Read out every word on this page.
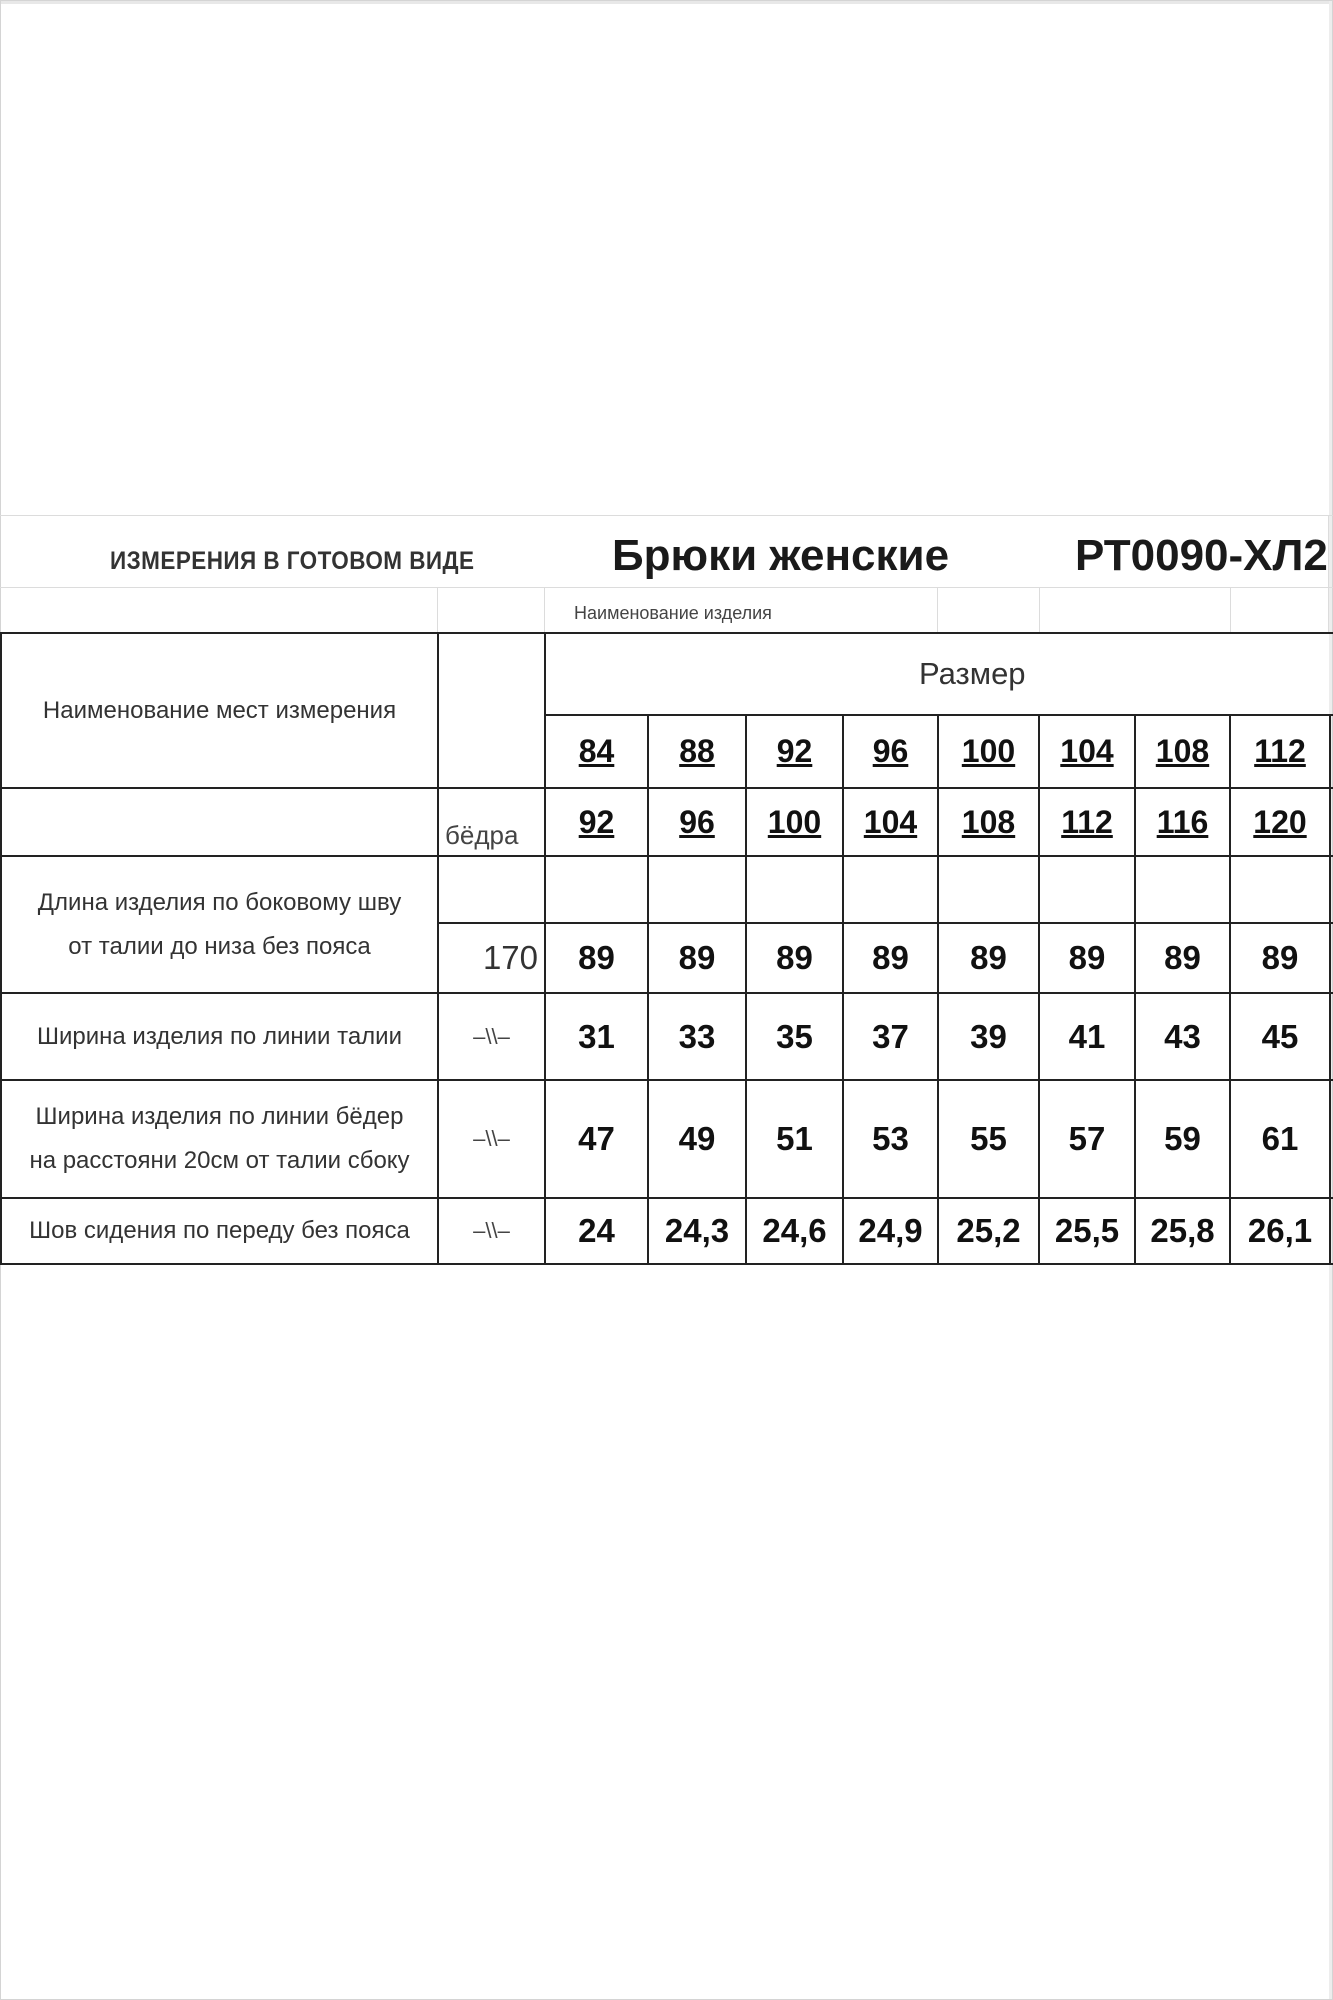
ИЗМЕРЕНИЯ В ГОТОВОМ ВИДЕ	Брюки женские	РТ0090-ХЛ2
Наименование изделия
Наименование мест измерения		Размер								
		84	88	92	96	100	104	108	112	
	бёдра	92	96	100	104	108	112	116	120	

Длина изделия по боковому шву
от талии до низа без пояса										

	170	89	89	89	89	89	89	89	89	
Ширина изделия по линии талии	–\\–	31	33	35	37	39	41	43	45	

Ширина изделия по линии бёдер
на расстояни 20см от талии сбоку	–\\–	47	49	51	53	55	57	59	61	
Шов сидения по переду без пояса	–\\–	24	24,3	24,6	24,9	25,2	25,5	25,8	26,1	
